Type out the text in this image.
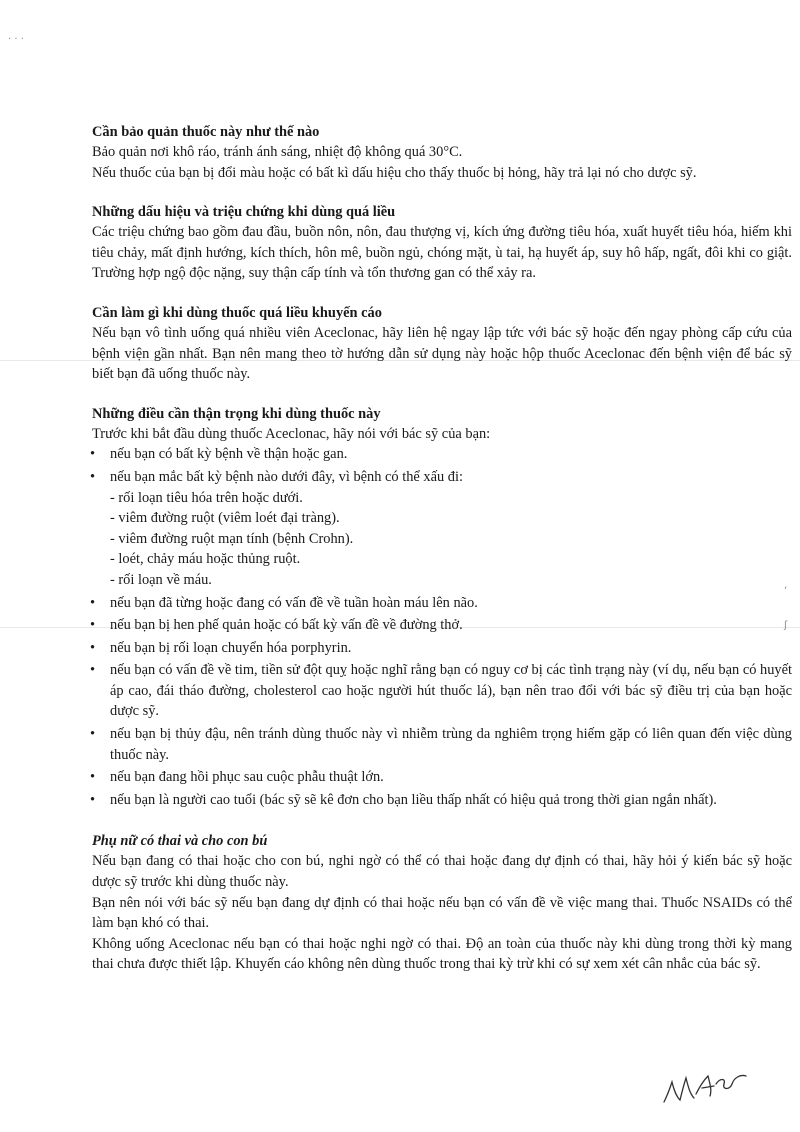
· · ·
,
ʃ
Cần bảo quản thuốc này như thế nào
Bảo quản nơi khô ráo, tránh ánh sáng, nhiệt độ không quá 30°C.
Nếu thuốc của bạn bị đổi màu hoặc có bất kì dấu hiệu cho thấy thuốc bị hỏng, hãy trả lại nó cho dược sỹ.
Những dấu hiệu và triệu chứng khi dùng quá liều
Các triệu chứng bao gồm đau đầu, buồn nôn, nôn, đau thượng vị, kích ứng đường tiêu hóa, xuất huyết tiêu hóa, hiếm khi tiêu chảy, mất định hướng, kích thích, hôn mê, buồn ngủ, chóng mặt, ù tai, hạ huyết áp, suy hô hấp, ngất, đôi khi co giật. Trường hợp ngộ độc nặng, suy thận cấp tính và tổn thương gan có thể xảy ra.
Cần làm gì khi dùng thuốc quá liều khuyến cáo
Nếu bạn vô tình uống quá nhiều viên Aceclonac, hãy liên hệ ngay lập tức với bác sỹ hoặc đến ngay phòng cấp cứu của bệnh viện gần nhất. Bạn nên mang theo tờ hướng dẫn sử dụng này hoặc hộp thuốc Aceclonac đến bệnh viện để bác sỹ biết bạn đã uống thuốc này.
Những điều cần thận trọng khi dùng thuốc này
Trước khi bắt đầu dùng thuốc Aceclonac, hãy nói với bác sỹ của bạn:
• nếu bạn có bất kỳ bệnh về thận hoặc gan.
• nếu bạn mắc bất kỳ bệnh nào dưới đây, vì bệnh có thể xấu đi:
- rối loạn tiêu hóa trên hoặc dưới.
- viêm đường ruột (viêm loét đại tràng).
- viêm đường ruột mạn tính (bệnh Crohn).
- loét, chảy máu hoặc thủng ruột.
- rối loạn về máu.
• nếu bạn đã từng hoặc đang có vấn đề về tuần hoàn máu lên não.
• nếu bạn bị hen phế quản hoặc có bất kỳ vấn đề về đường thở.
• nếu bạn bị rối loạn chuyển hóa porphyrin.
• nếu bạn có vấn đề về tim, tiền sử đột quỵ hoặc nghĩ rằng bạn có nguy cơ bị các tình trạng này (ví dụ, nếu bạn có huyết áp cao, đái tháo đường, cholesterol cao hoặc người hút thuốc lá), bạn nên trao đổi với bác sỹ điều trị của bạn hoặc dược sỹ.
• nếu bạn bị thủy đậu, nên tránh dùng thuốc này vì nhiễm trùng da nghiêm trọng hiếm gặp có liên quan đến việc dùng thuốc này.
• nếu bạn đang hồi phục sau cuộc phẫu thuật lớn.
• nếu bạn là người cao tuổi (bác sỹ sẽ kê đơn cho bạn liều thấp nhất có hiệu quả trong thời gian ngắn nhất).
Phụ nữ có thai và cho con bú
Nếu bạn đang có thai hoặc cho con bú, nghi ngờ có thể có thai hoặc đang dự định có thai, hãy hỏi ý kiến bác sỹ hoặc dược sỹ trước khi dùng thuốc này.
Bạn nên nói với bác sỹ nếu bạn đang dự định có thai hoặc nếu bạn có vấn đề về việc mang thai. Thuốc NSAIDs có thể làm bạn khó có thai.
Không uống Aceclonac nếu bạn có thai hoặc nghi ngờ có thai. Độ an toàn của thuốc này khi dùng trong thời kỳ mang thai chưa được thiết lập. Khuyến cáo không nên dùng thuốc trong thai kỳ trừ khi có sự xem xét cân nhắc của bác sỹ.
